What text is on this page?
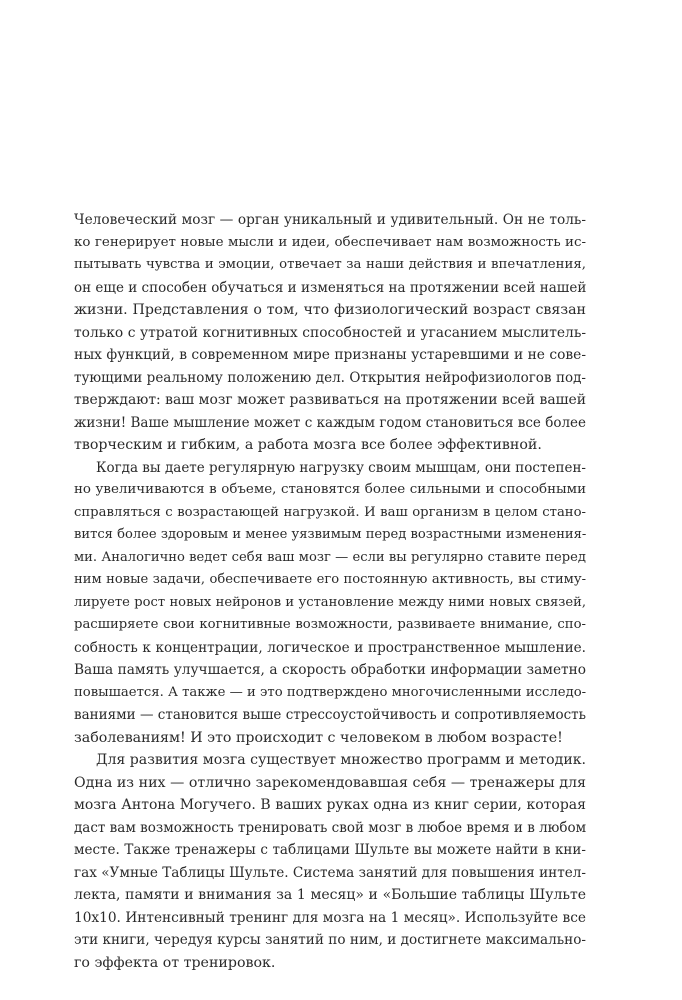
Человеческий мозг — орган уникальный и удивительный. Он не толь-
ко генерирует новые мысли и идеи, обеспечивает нам возможность ис-
пытывать чувства и эмоции, отвечает за наши действия и впечатления,
он еще и способен обучаться и изменяться на протяжении всей нашей
жизни. Представления о том, что физиологический возраст связан
только с утратой когнитивных способностей и угасанием мыслитель-
ных функций, в современном мире признаны устаревшими и не сове-
тующими реальному положению дел. Открытия нейрофизиологов под-
тверждают: ваш мозг может развиваться на протяжении всей вашей
жизни! Ваше мышление может с каждым годом становиться все более
творческим и гибким, а работа мозга все более эффективной.
Когда вы даете регулярную нагрузку своим мышцам, они постепен-
но увеличиваются в объеме, становятся более сильными и способными
справляться с возрастающей нагрузкой. И ваш организм в целом стано-
вится более здоровым и менее уязвимым перед возрастными изменения-
ми. Аналогично ведет себя ваш мозг — если вы регулярно ставите перед
ним новые задачи, обеспечиваете его постоянную активность, вы стиму-
лируете рост новых нейронов и установление между ними новых связей,
расширяете свои когнитивные возможности, развиваете внимание, спо-
собность к концентрации, логическое и пространственное мышление.
Ваша память улучшается, а скорость обработки информации заметно
повышается. А также — и это подтверждено многочисленными исследо-
ваниями — становится выше стрессоустойчивость и сопротивляемость
заболеваниям! И это происходит с человеком в любом возрасте!
Для развития мозга существует множество программ и методик.
Одна из них — отлично зарекомендовавшая себя — тренажеры для
мозга Антона Могучего. В ваших руках одна из книг серии, которая
даст вам возможность тренировать свой мозг в любое время и в любом
месте. Также тренажеры с таблицами Шульте вы можете найти в кни-
гах «Умные Таблицы Шульте. Система занятий для повышения интел-
лекта, памяти и внимания за 1 месяц» и «Большие таблицы Шульте
10x10. Интенсивный тренинг для мозга на 1 месяц». Используйте все
эти книги, чередуя курсы занятий по ним, и достигнете максимально-
го эффекта от тренировок.
